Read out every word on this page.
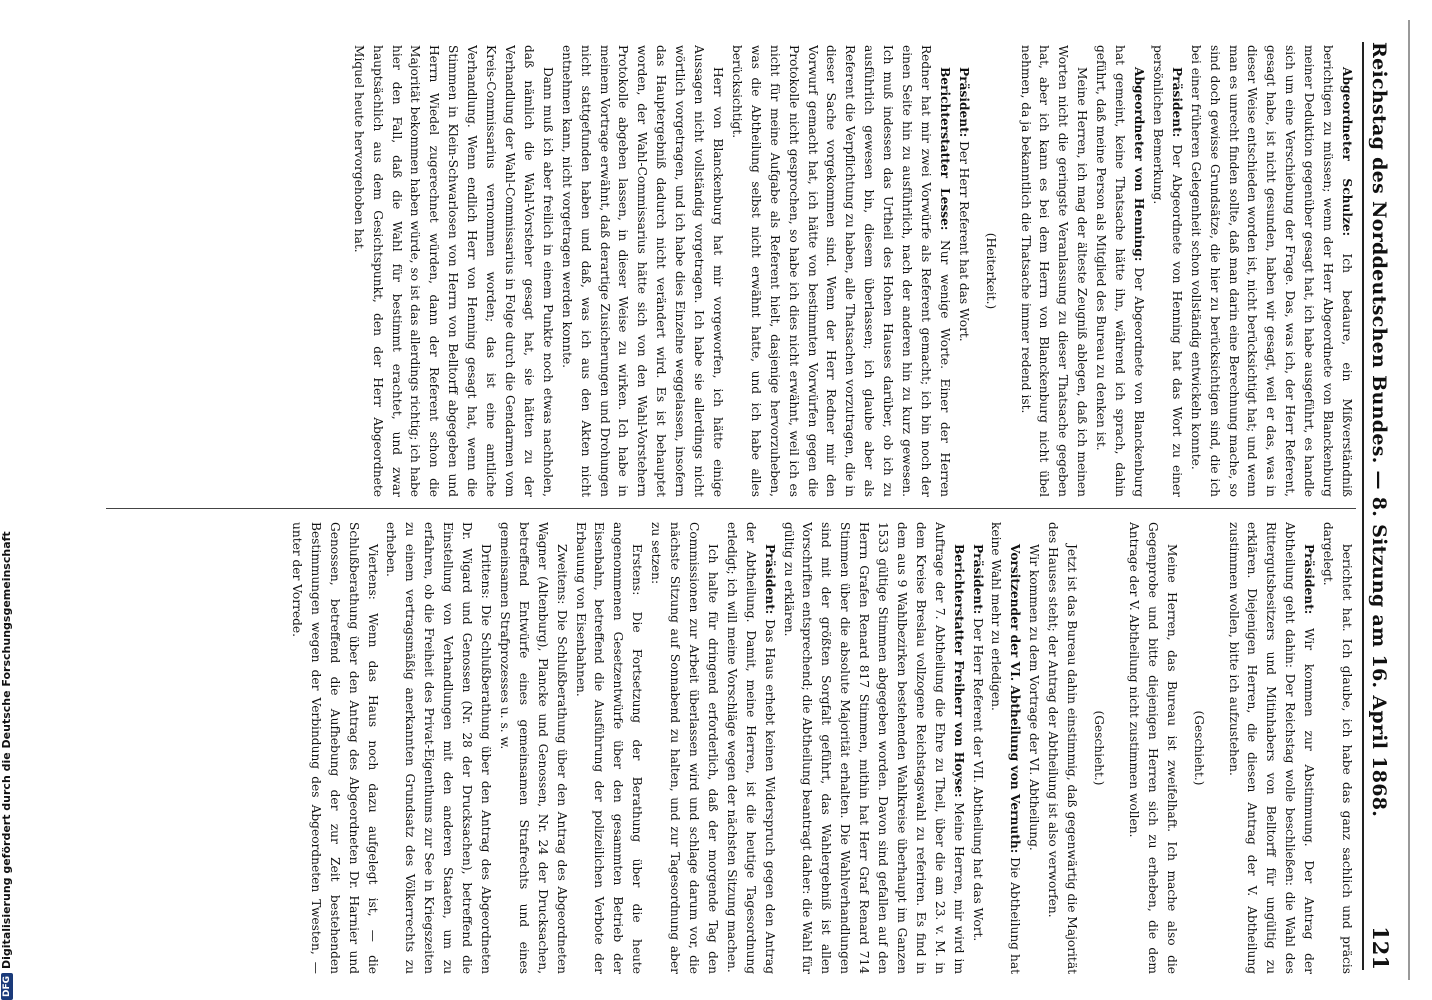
Reichstag des Norddeutschen Bundes. — 8. Sitzung am 16. April 1868.
121

Abgeordneter Schulze: Ich bedaure, ein Mißverständniß berichtigen zu müssen; wenn der Herr Abgeordnete von Blanckenburg meiner Deduktion gegenüber gesagt hat, ich habe ausgeführt, es handle sich um eine Verschiebung der Frage. Das, was ich, der Herr Referent, gesagt habe, ist nicht gesunden, haben wir gesagt, weil er das, was in dieser Weise entschieden worden ist, nicht berücksichtigt hat; und wenn man es unrecht finden sollte, daß man darin eine Berechnung mache, so sind doch gewisse Grundsätze, die hier zu berücksichtigen sind, die ich bei einer früheren Gelegenheit schon vollständig entwickeln konnte.

Präsident: Der Abgeordnete von Henning hat das Wort zu einer persönlichen Bemerkung.

Abgeordneter von Henning: Der Abgeordnete von Blanckenburg hat gemeint, keine Thatsache hätte ihn, während ich sprach, dahin geführt, daß meine Person als Mitglied des Bureau zu denken ist.

Meine Herren, ich mag der älteste Zeugniß ablegen, daß ich meinen Worten nicht die geringste Veranlassung zu dieser Thatsache gegeben hat, aber ich kann es bei dem Herrn von Blanckenburg nicht übel nehmen, da ja bekanntlich die Thatsache immer redend ist.

(Heiterkeit.)

Präsident: Der Herr Referent hat das Wort.

Berichterstatter Lesse: Nur wenige Worte. Einer der Herren Redner hat mir zwei Vorwürfe als Referent gemacht; ich bin noch der einen Seite hin zu ausführlich, nach der anderen hin zu kurz gewesen. Ich muß indessen das Urtheil des Hohen Hauses darüber, ob ich zu ausführlich gewesen bin, diesem überlassen; ich glaube aber als Referent die Verpflichtung zu haben, alle Thatsachen vorzutragen, die in dieser Sache vorgekommen sind. Wenn der Herr Redner mir den Vorwurf gemacht hat, ich hätte von bestimmten Vorwürfen gegen die Protokolle nicht gesprochen, so habe ich dies nicht erwähnt, weil ich es nicht für meine Aufgabe als Referent hielt, dasjenige hervorzuheben, was die Abtheilung selbst nicht erwähnt hatte, und ich habe alles berücksichtigt.

Herr von Blanckenburg hat mir vorgeworfen, ich hätte einige Aussagen nicht vollständig vorgetragen. Ich habe sie allerdings nicht wörtlich vorgetragen, und ich habe dies Einzelne weggelassen, insofern das Hauptergebniß dadurch nicht verändert wird. Es ist behauptet worden, der Wahl-Commissarius hätte sich von den Wahl-Vorstehern Protokolle abgeben lassen, in dieser Weise zu wirken. Ich habe in meinem Vortrage erwähnt, daß derartige Zusicherungen und Drohungen nicht stattgefunden haben und daß, was ich aus den Akten nicht entnehmen kann, nicht vorgetragen werden konnte.

Dann muß ich aber freilich in einem Punkte noch etwas nachholen, daß nämlich die Wahl-Vorsteher gesagt hat, sie hätten zu der Verhandlung der Wahl-Commissarius in Folge durch die Gendarmen vom Kreis-Commissarius vernommen worden; das ist eine amtliche Verhandlung. Wenn endlich Herr von Henning gesagt hat, wenn die Stimmen in Klein-Schwarlosen von Herrn von Belltorff abgegeben und Herrn Wiedel zugerechnet würden, dann der Referent schon die Majorität bekommen haben würde, so ist das allerdings richtig; ich habe hier den Fall, daß die Wahl für bestimmt erachtet, und zwar hauptsächlich aus dem Gesichtspunkt, den der Herr Abgeordnete Miquel heute hervorgehoben hat.

berichtet hat. Ich glaube, ich habe das ganz sachlich und präcis dargelegt.

Präsident: Wir kommen zur Abstimmung. Der Antrag der Abtheilung geht dahin: Der Reichstag wolle beschließen: die Wahl des Rittergutsbesitzers und Mitinhabers von Belltorff für ungültig zu erklären. Diejenigen Herren, die diesen Antrag der V. Abtheilung zustimmen wollen, bitte ich aufzustehen.

(Geschieht.)

Meine Herren, das Bureau ist zweifelhaft. Ich mache also die Gegenprobe und bitte diejenigen Herren sich zu erheben, die dem Antrage der V. Abtheilung nicht zustimmen wollen.

(Geschieht.)

Jetzt ist das Bureau dahin einstimmig, daß gegenwärtig die Majorität des Hauses steht; der Antrag der Abtheilung ist also verworfen.

Wir kommen zu dem Vortrage der VI. Abtheilung.

Vorsitzender der VI. Abtheilung von Vernuth: Die Abtheilung hat keine Wahl mehr zu erledigen.

Präsident: Der Herr Referent der VII. Abtheilung hat das Wort.

Berichterstatter Freiherr von Hoyse: Meine Herren, mir wird im Auftrage der 7. Abtheilung die Ehre zu Theil, über die am 23. v. M. in dem Kreise Breslau vollzogene Reichstagswahl zu referiren. Es find in dem aus 9 Wahlbezirken bestehenden Wahlkreise überhaupt im Ganzen 1533 gültige Stimmen abgegeben worden. Davon sind gefallen auf den Herrn Grafen Renard 817 Stimmen, mithin hat Herr Graf Renard 714 Stimmen über die absolute Majorität erhalten. Die Wahlverhandlungen sind mit der größten Sorgfalt geführt, das Wahlergebniß ist allen Vorschriften entsprechend; die Abtheilung beantragt daher: die Wahl für gültig zu erklären.

Präsident: Das Haus erhebt keinen Widerspruch gegen den Antrag der Abtheilung. Damit, meine Herren, ist die heutige Tagesordnung erledigt; ich will meine Vorschläge wegen der nächsten Sitzung machen.

Ich halte für dringend erforderlich, daß der morgende Tag den Commissionen zur Arbeit überlassen wird und schlage darum vor, die nächste Sitzung auf Sonnabend zu halten, und zur Tagesordnung aber zu setzen:

Erstens: Die Fortsetzung der Berathung über die heute angenommenen Gesetzentwürfe über den gesammten Betrieb der Eisenbahn, betreffend die Ausführung der polizeilichen Verbote der Erbauung von Eisenbahnen.

Zweitens: Die Schlußberathung über den Antrag des Abgeordneten Wagner (Altenburg), Plancke und Genossen, Nr. 24 der Drucksachen, betreffend Entwürfe eines gemeinsamen Strafrechts und eines gemeinsamen Strafprozesses u. s. w.

Drittens: Die Schlußberathung über den Antrag des Abgeordneten Dr. Wigard und Genossen (Nr. 28 der Drucksachen), betreffend die Einstellung von Verhandlungen mit den anderen Staaten, um zu erfahren, ob die Freiheit des Privat-Eigenthums zur See in Kriegszeiten zu einem vertragsmäßig anerkannten Grundsatz des Völkerrechts zu erheben.

Viertens: Wenn das Haus noch dazu aufgelegt ist, — die Schlußberathung über den Antrag des Abgeordneten Dr. Harnier und Genossen, betreffend die Aufhebung der zur Zeit bestehenden Bestimmungen wegen der Verbindung des Abgeordneten Twesten, — unter der Vorrede.

DFG
Digitalisierung gefördert durch die Deutsche Forschungsgemeinschaft
